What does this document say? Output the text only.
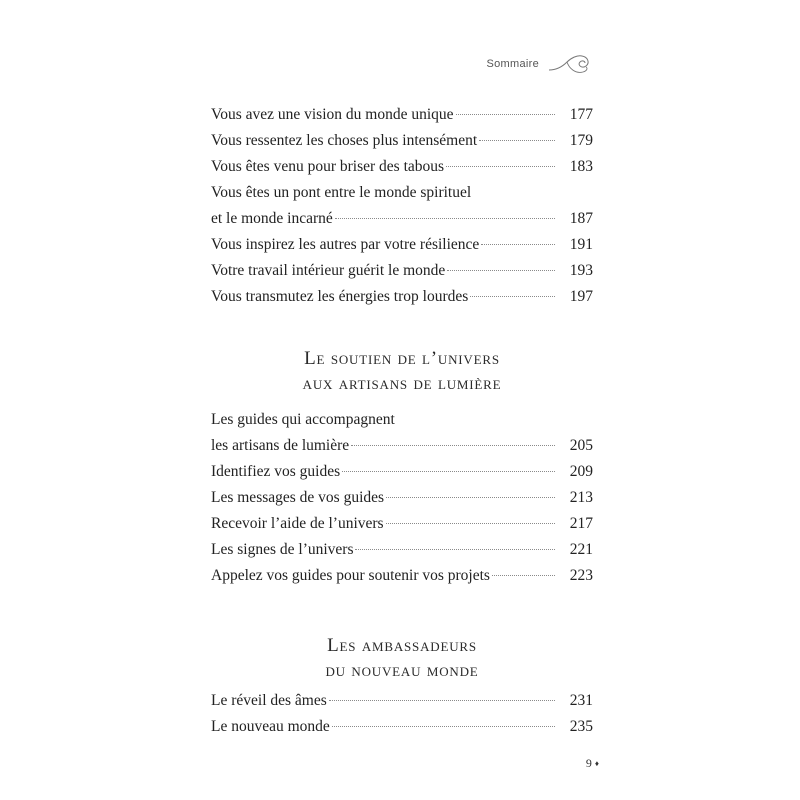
Sommaire
Vous avez une vision du monde unique	177
Vous ressentez les choses plus intensément	179
Vous êtes venu pour briser des tabous	183
Vous êtes un pont entre le monde spirituel
et le monde incarné	187
Vous inspirez les autres par votre résilience	191
Votre travail intérieur guérit le monde	193
Vous transmutez les énergies trop lourdes	197
Le soutien de l’univers
aux artisans de lumière
Les guides qui accompagnent
les artisans de lumière	205
Identifiez vos guides	209
Les messages de vos guides	213
Recevoir l’aide de l’univers	217
Les signes de l’univers	221
Appelez vos guides pour soutenir vos projets	223
Les ambassadeurs
du nouveau monde
Le réveil des âmes	231
Le nouveau monde	235
9 ♦
